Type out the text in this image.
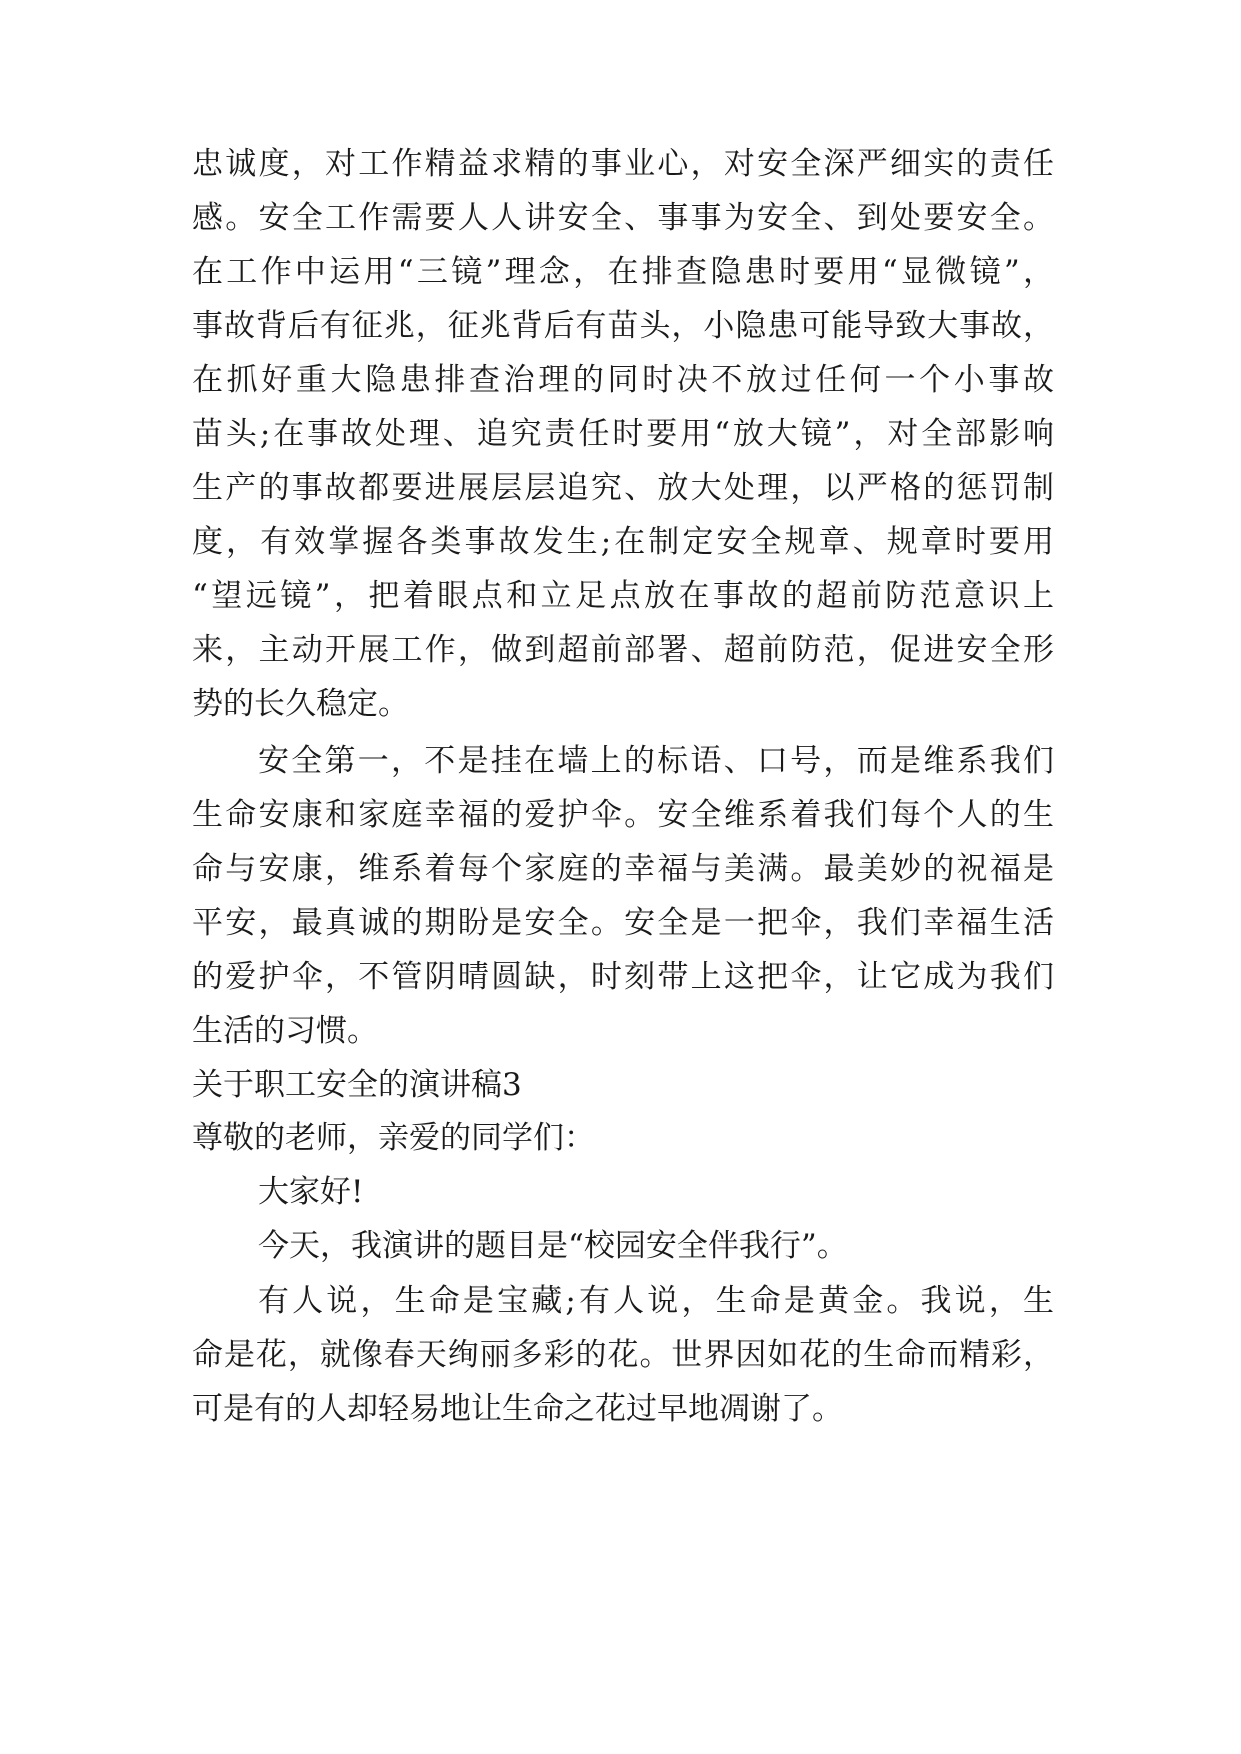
忠诚度，对工作精益求精的事业心，对安全深严细实的责任
感。安全工作需要人人讲安全、事事为安全、到处要安全。
在工作中运用“三镜”理念，在排查隐患时要用“显微镜”，
事故背后有征兆，征兆背后有苗头，小隐患可能导致大事故，
在抓好重大隐患排查治理的同时决不放过任何一个小事故
苗头;在事故处理、追究责任时要用“放大镜”，对全部影响
生产的事故都要进展层层追究、放大处理，以严格的惩罚制
度，有效掌握各类事故发生;在制定安全规章、规章时要用
“望远镜”，把着眼点和立足点放在事故的超前防范意识上
来，主动开展工作，做到超前部署、超前防范，促进安全形
势的长久稳定。
安全第一，不是挂在墙上的标语、口号，而是维系我们
生命安康和家庭幸福的爱护伞。安全维系着我们每个人的生
命与安康，维系着每个家庭的幸福与美满。最美妙的祝福是
平安，最真诚的期盼是安全。安全是一把伞，我们幸福生活
的爱护伞，不管阴晴圆缺，时刻带上这把伞，让它成为我们
生活的习惯。
关于职工安全的演讲稿3
尊敬的老师，亲爱的同学们：
大家好!
今天，我演讲的题目是“校园安全伴我行”。
有人说，生命是宝藏;有人说，生命是黄金。我说，生
命是花，就像春天绚丽多彩的花。世界因如花的生命而精彩，
可是有的人却轻易地让生命之花过早地凋谢了。
